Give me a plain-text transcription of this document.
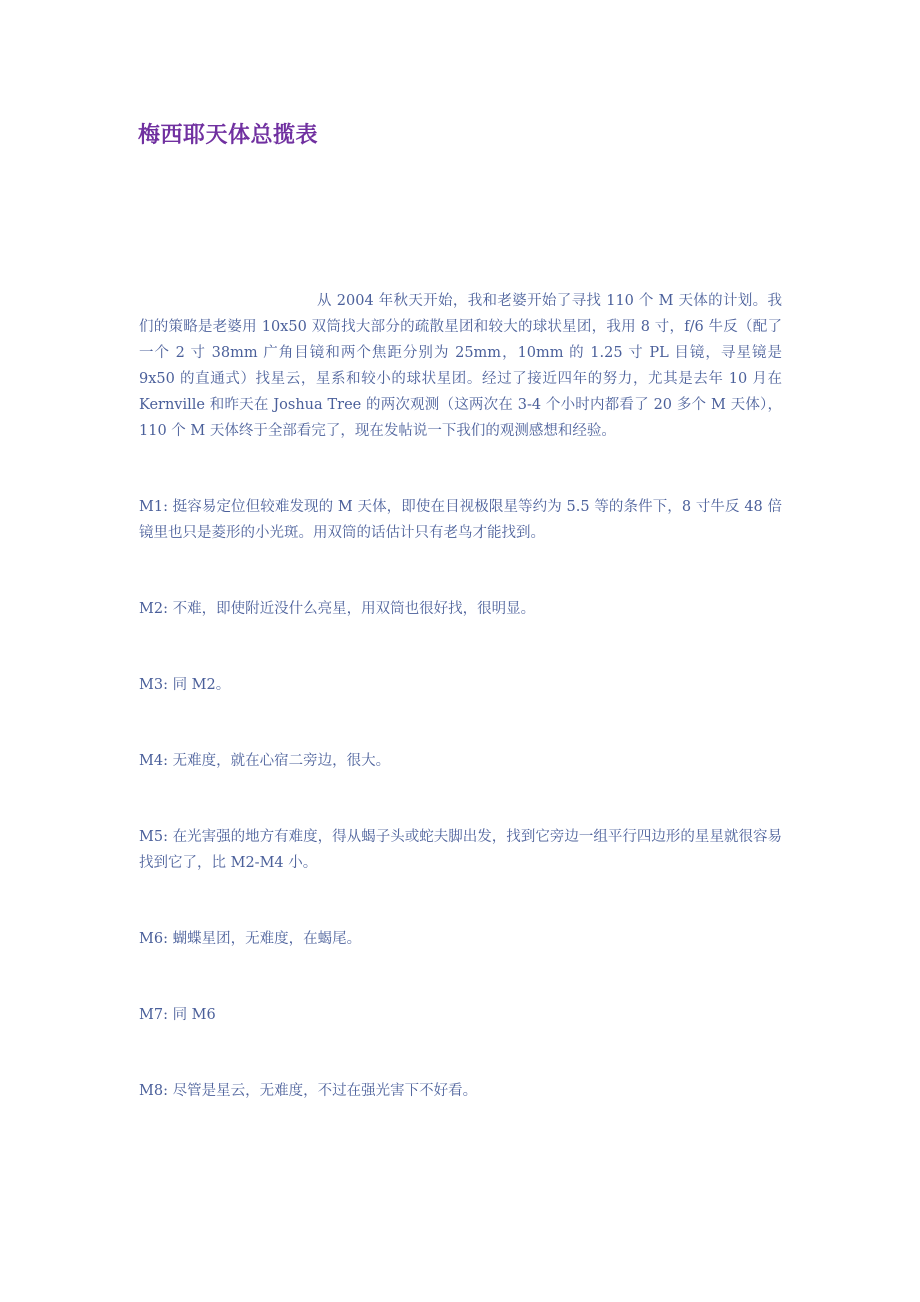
梅西耶天体总揽表

从 2004 年秋天开始，我和老婆开始了寻找 110 个 M 天体的计划。我们的策略是老婆用 10x50 双筒找大部分的疏散星团和较大的球状星团，我用 8 寸，f/6 牛反（配了一个 2 寸 38mm 广角目镜和两个焦距分别为 25mm，10mm 的 1.25 寸 PL 目镜，寻星镜是 9x50 的直通式）找星云，星系和较小的球状星团。经过了接近四年的努力，尤其是去年 10 月在 Kernville 和昨天在 Joshua Tree 的两次观测（这两次在 3-4 个小时内都看了 20 多个 M 天体），110 个 M 天体终于全部看完了，现在发帖说一下我们的观测感想和经验。

M1: 挺容易定位但较难发现的 M 天体，即使在目视极限星等约为 5.5 等的条件下，8 寸牛反 48 倍镜里也只是菱形的小光斑。用双筒的话估计只有老鸟才能找到。

M2: 不难，即使附近没什么亮星，用双筒也很好找，很明显。

M3: 同 M2。

M4: 无难度，就在心宿二旁边，很大。

M5: 在光害强的地方有难度，得从蝎子头或蛇夫脚出发，找到它旁边一组平行四边形的星星就很容易找到它了，比 M2-M4 小。

M6: 蝴蝶星团，无难度，在蝎尾。

M7: 同 M6

M8: 尽管是星云，无难度，不过在强光害下不好看。
